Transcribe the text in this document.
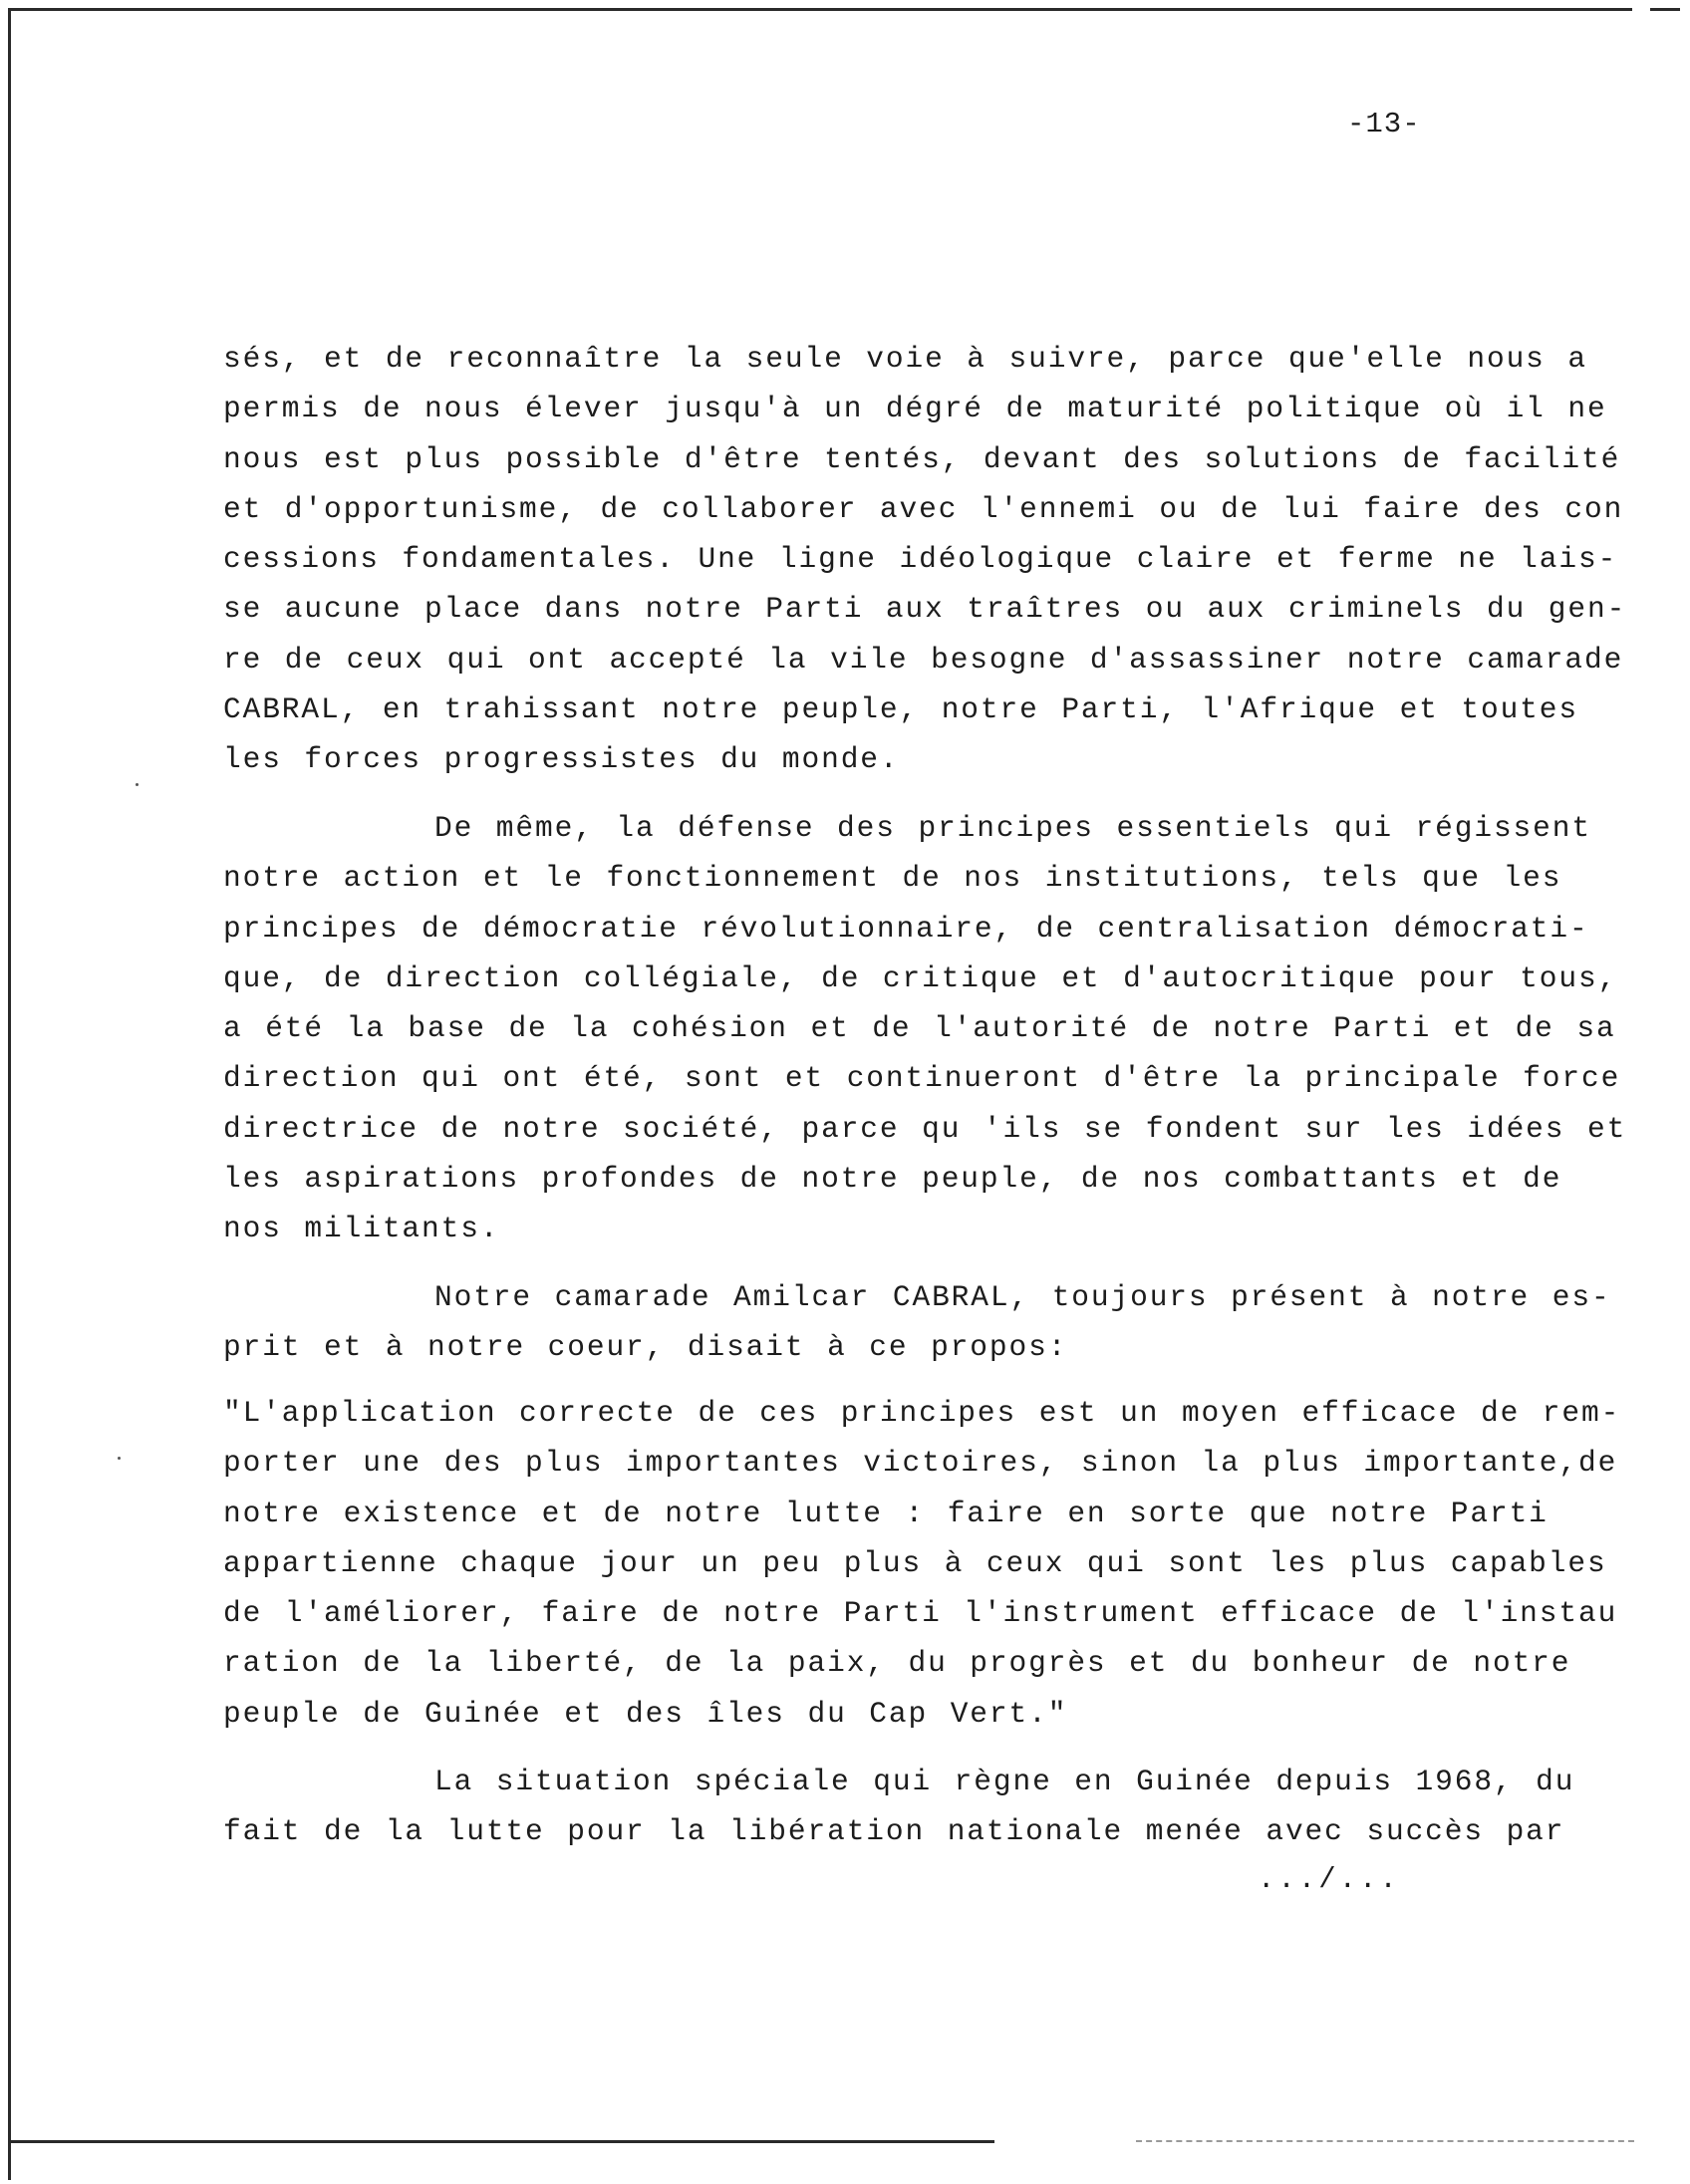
-13-
sés, et de reconnaître la seule voie à suivre, parce que'elle nous a
permis de nous élever jusqu'à un dégré de maturité politique où il ne
nous est plus possible d'être tentés, devant des solutions de facilité
et d'opportunisme, de collaborer avec l'ennemi ou de lui faire des con
cessions fondamentales. Une ligne idéologique claire et ferme ne lais-
se aucune place dans notre Parti aux traîtres ou aux criminels du gen-
re de ceux qui ont accepté la vile besogne d'assassiner notre camarade
CABRAL, en trahissant notre peuple, notre Parti, l'Afrique et toutes
les forces progressistes du monde.
De même, la défense des principes essentiels qui régissent
notre action et le fonctionnement de nos institutions, tels que les
principes de démocratie révolutionnaire, de centralisation démocrati-
que, de direction collégiale, de critique et d'autocritique pour tous,
a été la base de la cohésion et de l'autorité de notre Parti et de sa
direction qui ont été, sont et continueront d'être la principale force
directrice de notre société, parce qu 'ils se fondent sur les idées et
les aspirations profondes de notre peuple, de nos combattants et de
nos militants.
Notre camarade Amilcar CABRAL, toujours présent à notre es-
prit et à notre coeur, disait à ce propos:
"L'application correcte de ces principes est un moyen efficace de rem-
porter une des plus importantes victoires, sinon la plus importante,de
notre existence et de notre lutte : faire en sorte que notre Parti
appartienne chaque jour un peu plus à ceux qui sont les plus capables
de l'améliorer, faire de notre Parti l'instrument efficace de l'instau
ration de la liberté, de la paix, du progrès et du bonheur de notre
peuple de Guinée et des îles du Cap Vert."
La situation spéciale qui règne en Guinée depuis 1968, du
fait de la lutte pour la libération nationale menée avec succès par
.../...
